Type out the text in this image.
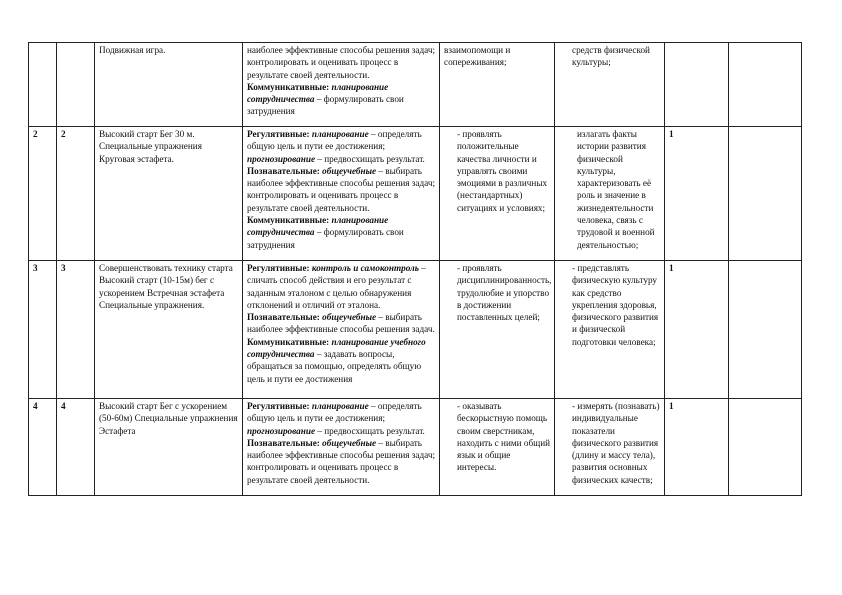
		Подвижная игра.	наиболее эффективные способы решения задач; контролировать и оценивать процесс в результате своей деятельности.
Коммуникативные: планирование сотрудничества – формулировать свои затруднения	взаимопомощи и сопереживания;	средств физической культуры;		
2	2	Высокий старт Бег 30 м. Специальные упражнения Круговая эстафета.	Регулятивные: планирование – определять общую цель и пути ее достижения; прогнозирование – предвосхищать результат.
Познавательные: общеучебные – выбирать наиболее эффективные способы решения задач; контролировать и оценивать процесс в результате своей деятельности.
Коммуникативные: планирование сотрудничества – формулировать свои затруднения	- проявлять положительные качества личности и управлять своими эмоциями в различных (нестандартных) ситуациях и условиях;	излагать факты истории развития физической культуры, характеризовать её роль и значение в жизнедеятельности человека, связь с трудовой и военной деятельностью;	1	
3	3	Совершенствовать технику старта Высокий старт (10-15м) бег с ускорением Встречная эстафета Специальные упражнения.	Регулятивные: контроль и самоконтроль – сличать способ действия и его результат с заданным эталоном с целью обнаружения отклонений и отличий от эталона.
Познавательные: общеучебные – выбирать наиболее эффективные способы решения задач. Коммуникативные: планирование учебного сотрудничества – задавать вопросы, обращаться за помощью, определять общую цель и пути ее достижения	- проявлять дисциплинированность, трудолюбие и упорство в достижении поставленных целей;	- представлять физическую культуру как средство укрепления здоровья, физического развития и физической подготовки человека;	1	
4	4	Высокий старт Бег с ускорением (50-60м) Специальные упражнения Эстафета	Регулятивные: планирование – определять общую цель и пути ее достижения; прогнозирование – предвосхищать результат.
Познавательные: общеучебные – выбирать наиболее эффективные способы решения задач; контролировать и оценивать процесс в результате своей деятельности.	- оказывать бескорыстную помощь своим сверстникам, находить с ними общий язык и общие интересы.	- измерять (познавать) индивидуальные показатели физического развития (длину и массу тела), развития основных физических качеств;	1	
